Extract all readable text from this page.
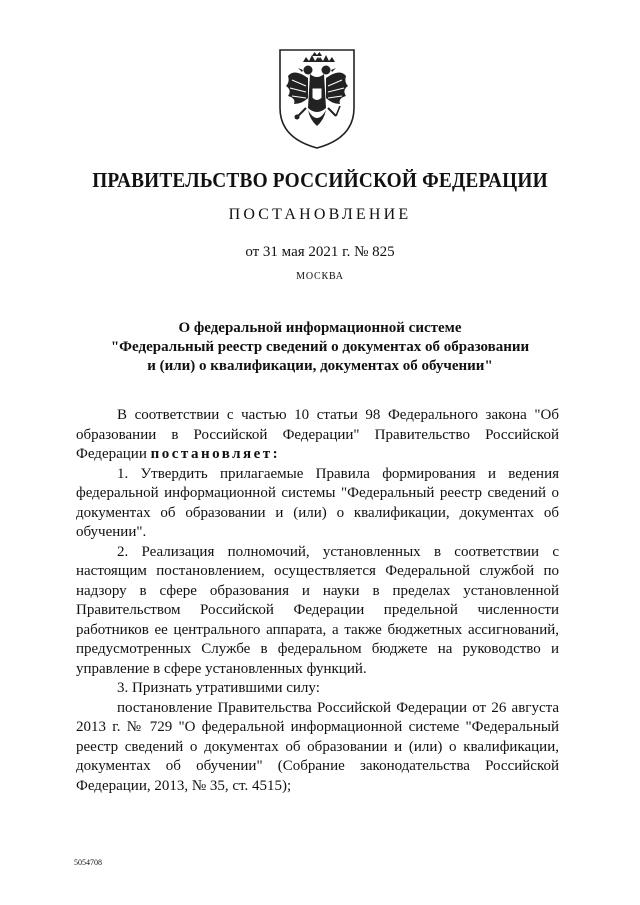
ПРАВИТЕЛЬСТВО РОССИЙСКОЙ ФЕДЕРАЦИИ
ПОСТАНОВЛЕНИЕ
от 31 мая 2021 г. № 825
МОСКВА
О федеральной информационной системе
"Федеральный реестр сведений о документах об образовании
и (или) о квалификации, документах об обучении"

В соответствии с частью 10 статьи 98 Федерального закона "Об образовании в Российской Федерации" Правительство Российской Федерации постановляет:

1. Утвердить прилагаемые Правила формирования и ведения федеральной информационной системы "Федеральный реестр сведений о документах об образовании и (или) о квалификации, документах об обучении".

2. Реализация полномочий, установленных в соответствии с настоящим постановлением, осуществляется Федеральной службой по надзору в сфере образования и науки в пределах установленной Правительством Российской Федерации предельной численности работников ее центрального аппарата, а также бюджетных ассигнований, предусмотренных Службе в федеральном бюджете на руководство и управление в сфере установленных функций.

3. Признать утратившими силу:

постановление Правительства Российской Федерации от 26 августа 2013 г. № 729 "О федеральной информационной системе "Федеральный реестр сведений о документах об образовании и (или) о квалификации, документах об обучении" (Собрание законодательства Российской Федерации, 2013, № 35, ст. 4515);

5054708
